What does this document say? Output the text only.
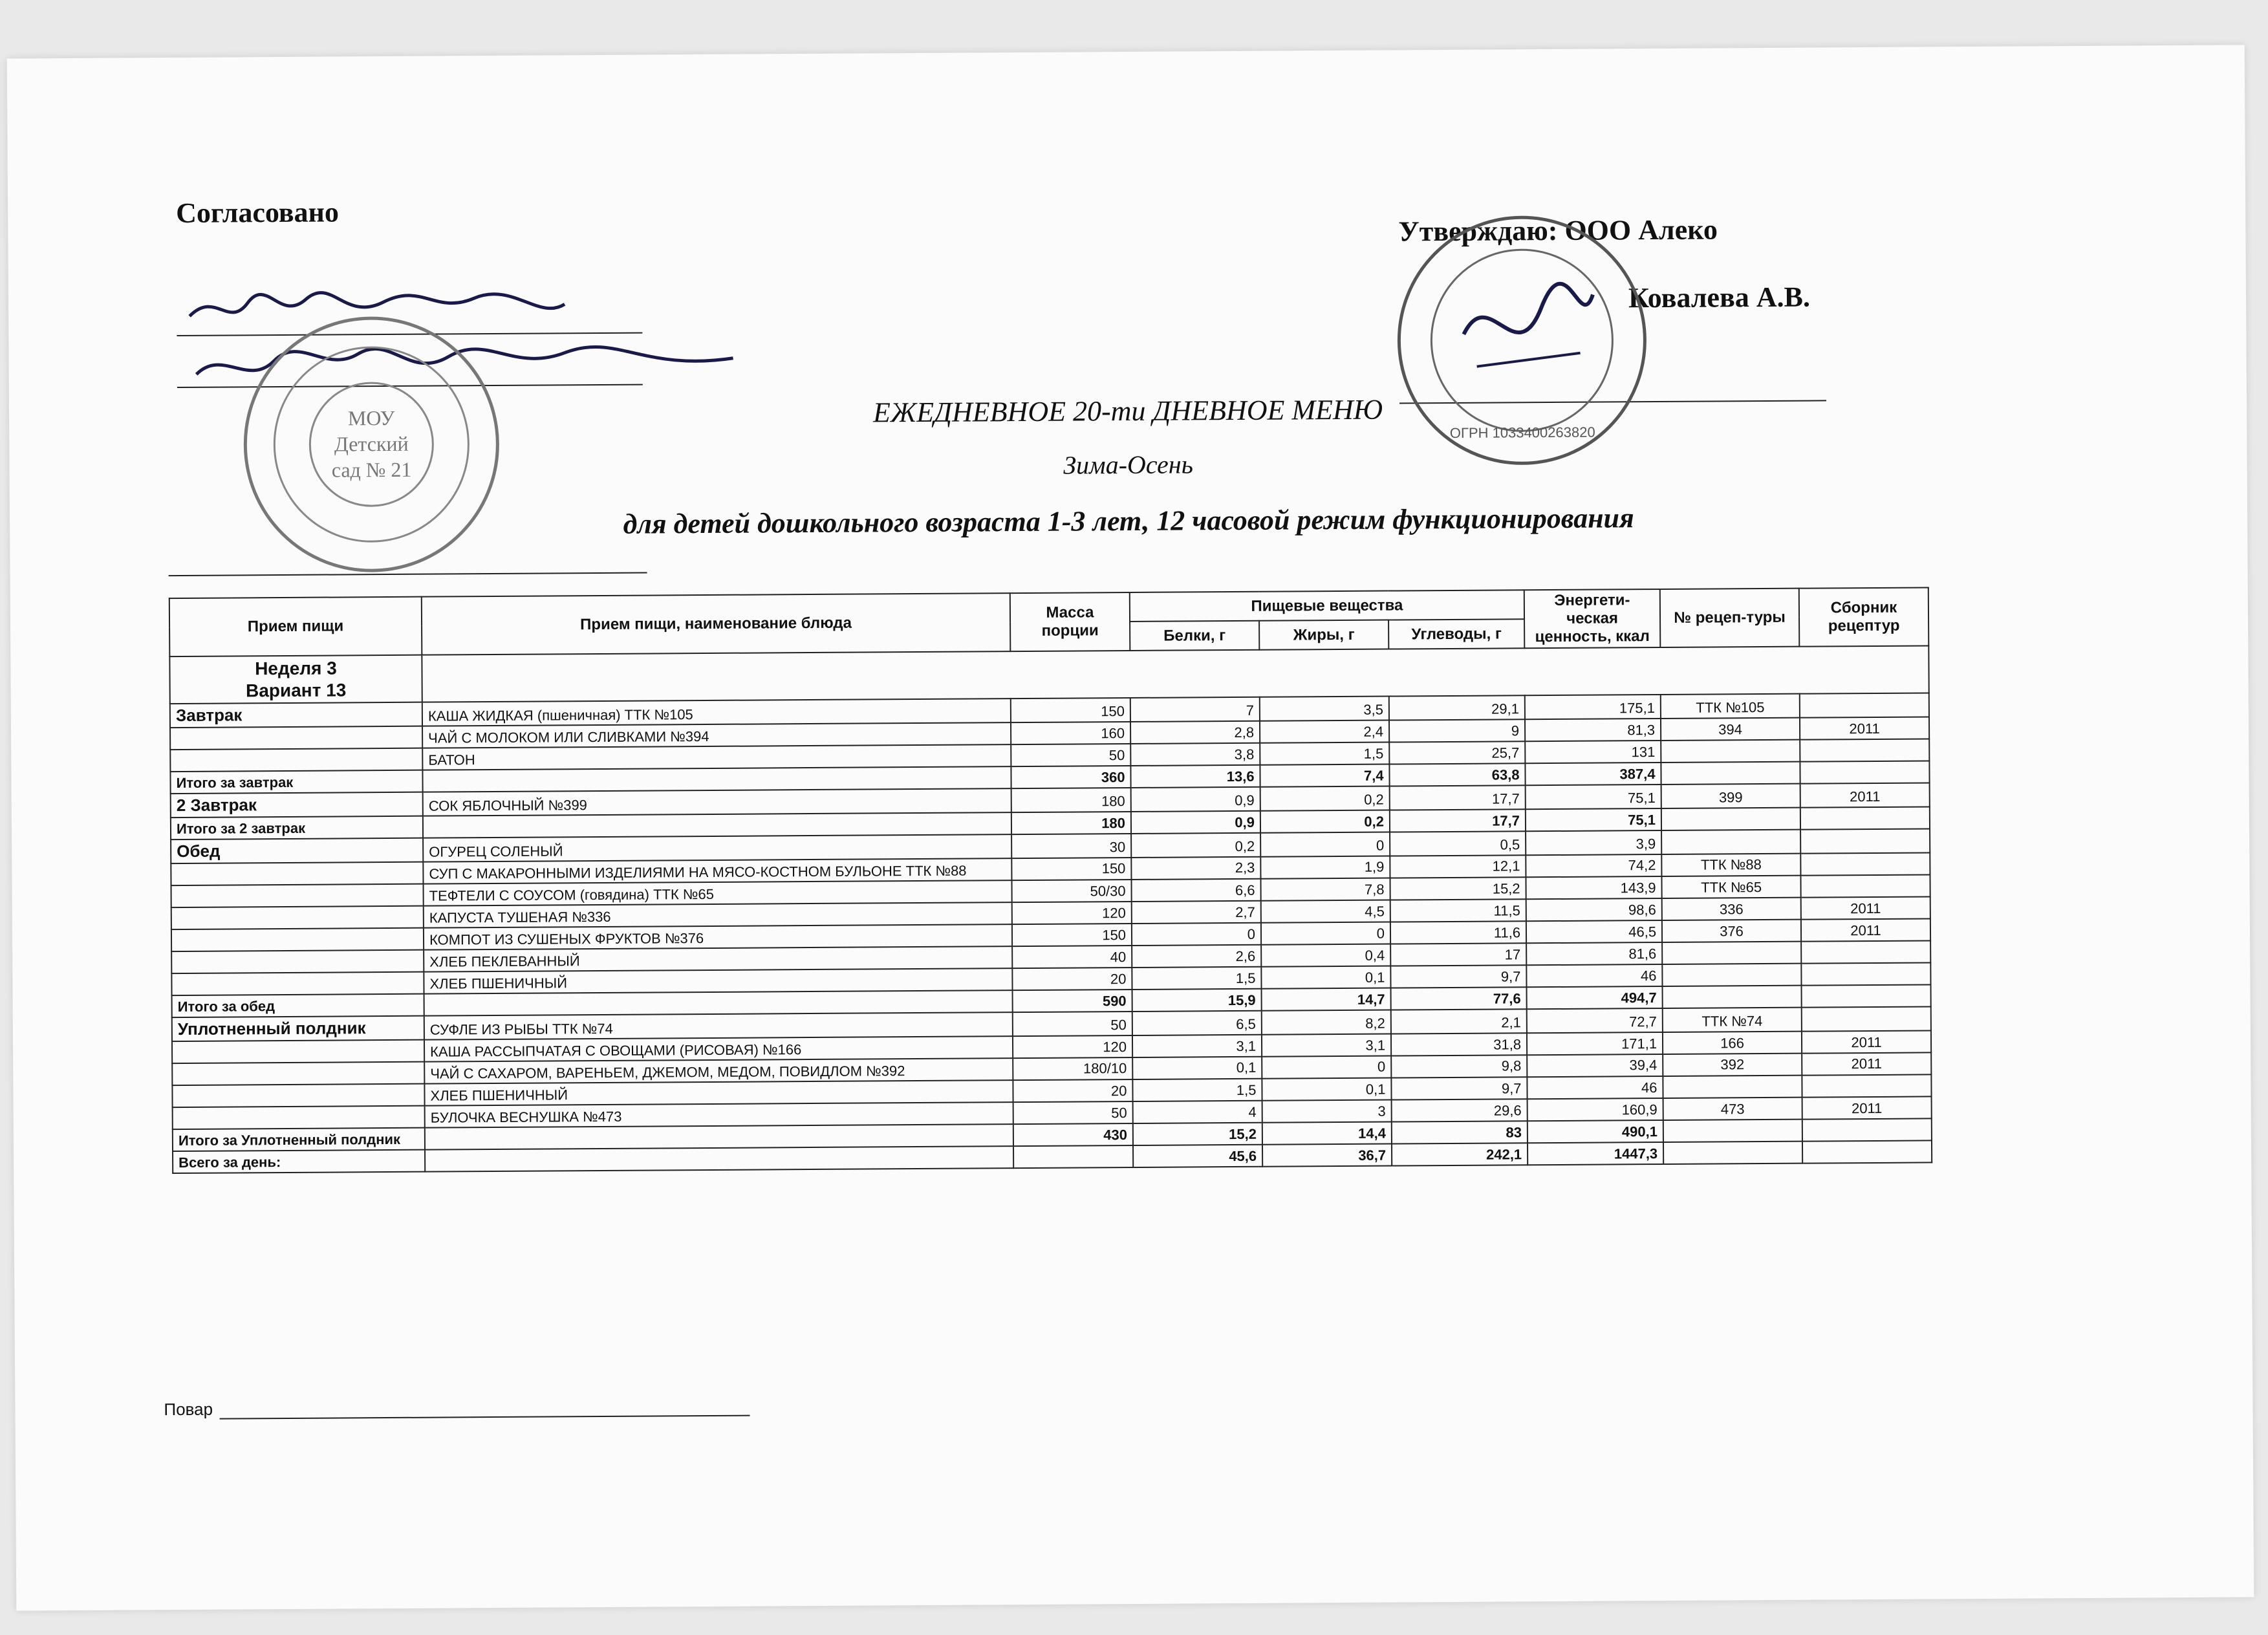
Согласовано
МОУ
Детский
сад № 21
Утверждаю: ООО Алеко
Ковалева А.В.
ОГРН 1033400263820
ЕЖЕДНЕВНОЕ 20-ти ДНЕВНОЕ МЕНЮ
Зима-Осень
для детей дошкольного возраста 1-3 лет, 12 часовой режим функционирования
Прием пищи	Прием пищи, наименование блюда	Масса порции	Пищевые вещества			Энергети-ческая ценность, ккал	№ рецеп-туры	Сборник рецептур
			Белки, г	Жиры, г	Углеводы, г			
Неделя 3
Вариант 13								
Завтрак	КАША ЖИДКАЯ (пшеничная) ТТК №105	150	7	3,5	29,1	175,1	ТТК №105	
	ЧАЙ С МОЛОКОМ ИЛИ СЛИВКАМИ №394	160	2,8	2,4	9	81,3	394	2011
	БАТОН	50	3,8	1,5	25,7	131		
Итого за завтрак		360	13,6	7,4	63,8	387,4		
2 Завтрак	СОК ЯБЛОЧНЫЙ №399	180	0,9	0,2	17,7	75,1	399	2011
Итого за 2 завтрак		180	0,9	0,2	17,7	75,1		
Обед	ОГУРЕЦ СОЛЕНЫЙ	30	0,2	0	0,5	3,9		
	СУП С МАКАРОННЫМИ ИЗДЕЛИЯМИ НА МЯСО-КОСТНОМ БУЛЬОНЕ ТТК №88	150	2,3	1,9	12,1	74,2	ТТК №88	
	ТЕФТЕЛИ С СОУСОМ (говядина) ТТК №65	50/30	6,6	7,8	15,2	143,9	ТТК №65	
	КАПУСТА ТУШЕНАЯ №336	120	2,7	4,5	11,5	98,6	336	2011
	КОМПОТ ИЗ СУШЕНЫХ ФРУКТОВ №376	150	0	0	11,6	46,5	376	2011
	ХЛЕБ ПЕКЛЕВАННЫЙ	40	2,6	0,4	17	81,6		
	ХЛЕБ ПШЕНИЧНЫЙ	20	1,5	0,1	9,7	46		
Итого за обед		590	15,9	14,7	77,6	494,7		
Уплотненный полдник	СУФЛЕ ИЗ РЫБЫ ТТК №74	50	6,5	8,2	2,1	72,7	ТТК №74	
	КАША РАССЫПЧАТАЯ С ОВОЩАМИ (РИСОВАЯ) №166	120	3,1	3,1	31,8	171,1	166	2011
	ЧАЙ С САХАРОМ, ВАРЕНЬЕМ, ДЖЕМОМ, МЕДОМ, ПОВИДЛОМ №392	180/10	0,1	0	9,8	39,4	392	2011
	ХЛЕБ ПШЕНИЧНЫЙ	20	1,5	0,1	9,7	46		
	БУЛОЧКА ВЕСНУШКА №473	50	4	3	29,6	160,9	473	2011
Итого за Уплотненный полдник		430	15,2	14,4	83	490,1		
Всего за день:			45,6	36,7	242,1	1447,3		
Повар
